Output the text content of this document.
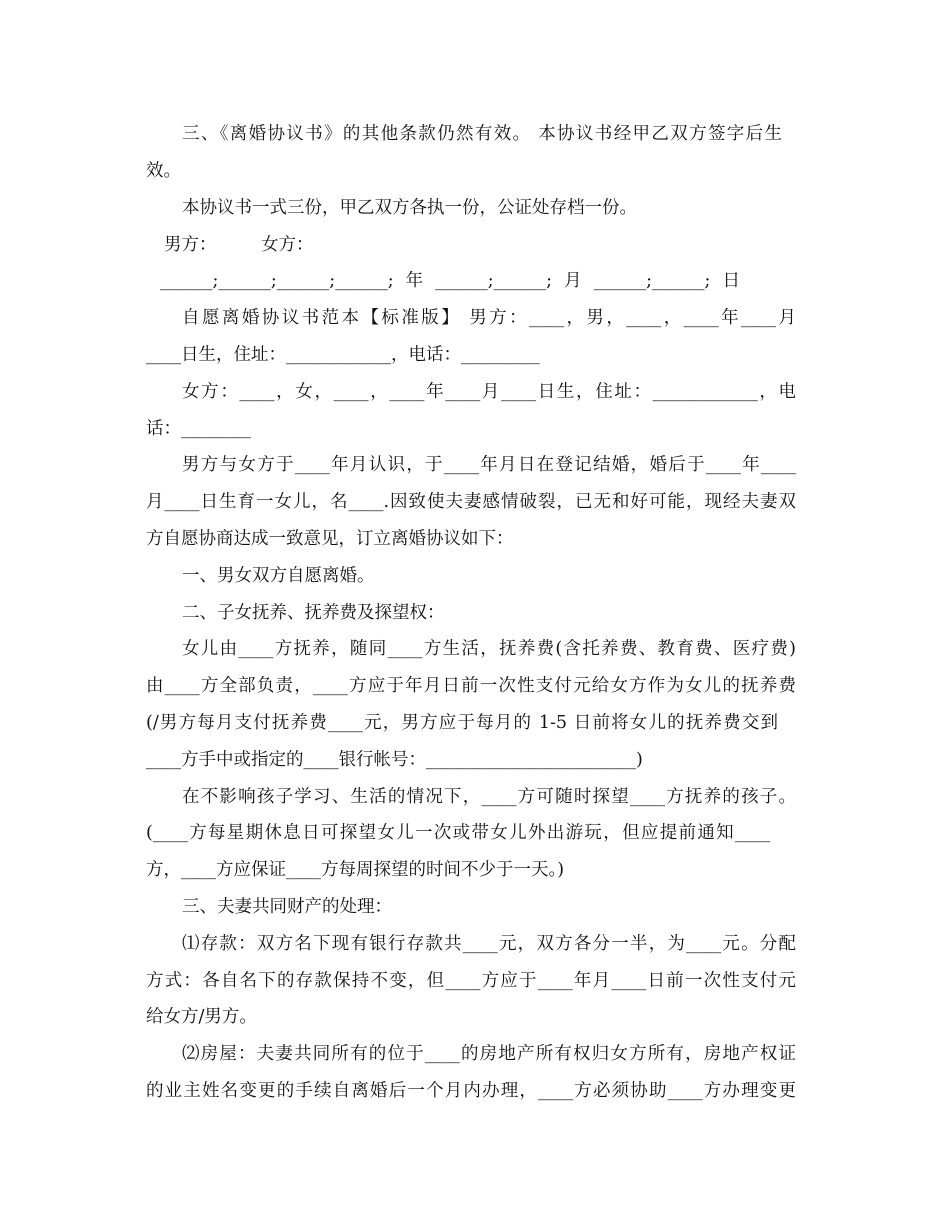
三、《离婚协议书》的其他条款仍然有效。 本协议书经甲乙双方签字后生

效。

本协议书一式三份，甲乙双方各执一份，公证处存档一份。

男方：        女方：

______;______;______;______;年______;______;月______;______;日

自愿离婚协议书范本【标准版】 男方：____，男，____，____年____月

____日生，住址：____________，电话：_________

女方：____，女，____，____年____月____日生，住址：____________，电

话：________

男方与女方于____年月认识，于____年月日在登记结婚，婚后于____年____

月____日生育一女儿，名____.因致使夫妻感情破裂，已无和好可能，现经夫妻双

方自愿协商达成一致意见，订立离婚协议如下：

一、男女双方自愿离婚。

二、子女抚养、抚养费及探望权：

女儿由____方抚养，随同____方生活，抚养费(含托养费、教育费、医疗费)

由____方全部负责，____方应于年月日前一次性支付元给女方作为女儿的抚养费

(/男方每月支付抚养费____元，男方应于每月的 1-5 日前将女儿的抚养费交到

____方手中或指定的____银行帐号：________________________)

在不影响孩子学习、生活的情况下，____方可随时探望____方抚养的孩子。

(____方每星期休息日可探望女儿一次或带女儿外出游玩，但应提前通知____

方，____方应保证____方每周探望的时间不少于一天。)

三、夫妻共同财产的处理：

⑴存款：双方名下现有银行存款共____元，双方各分一半，为____元。分配

方式：各自名下的存款保持不变，但____方应于____年月____日前一次性支付元

给女方/男方。

⑵房屋：夫妻共同所有的位于____的房地产所有权归女方所有，房地产权证

的业主姓名变更的手续自离婚后一个月内办理，____方必须协助____方办理变更
